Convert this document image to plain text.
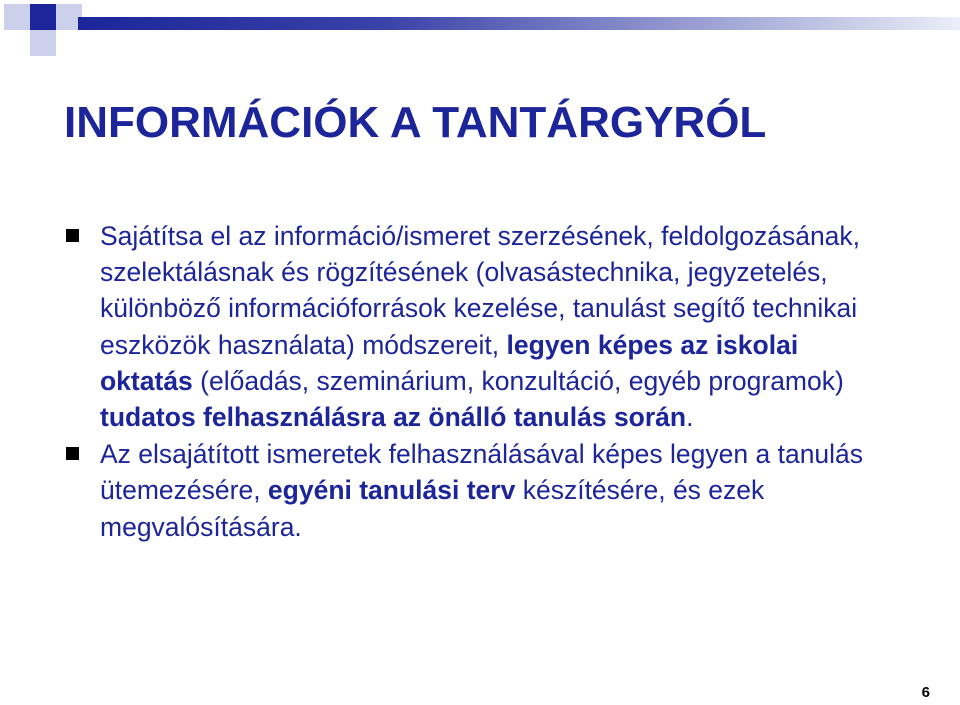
INFORMÁCIÓK A TANTÁRGYRÓL
Sajátítsa el az információ/ismeret szerzésének, feldolgozásának, szelektálásnak és rögzítésének (olvasástechnika, jegyzetelés, különböző információforrások kezelése, tanulást segítő technikai eszközök használata) módszereit, legyen képes az iskolai oktatás (előadás, szeminárium, konzultáció, egyéb programok) tudatos felhasználásra az önálló tanulás során.
Az elsajátított ismeretek felhasználásával képes legyen a tanulás ütemezésére, egyéni tanulási terv készítésére, és ezek megvalósítására.
6
